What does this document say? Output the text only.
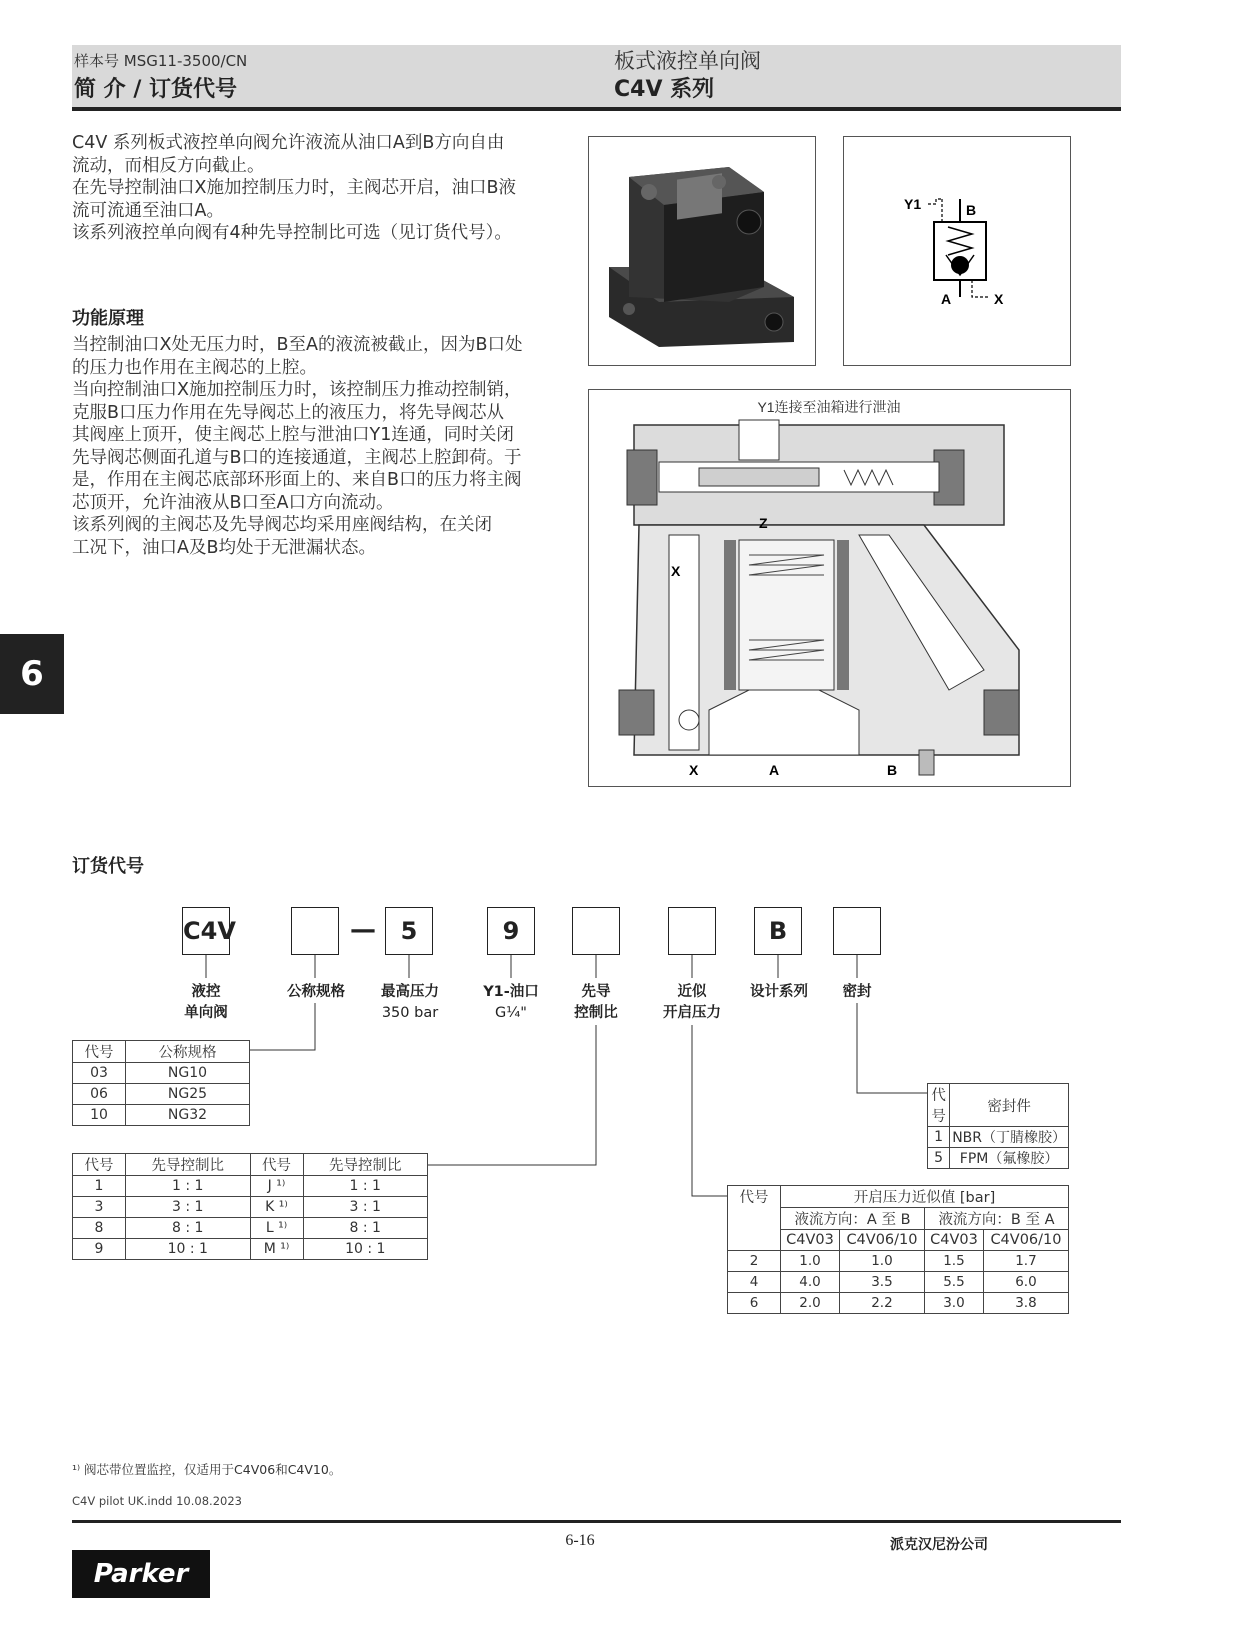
样本号 MSG11-3500/CN
简 介 / 订货代号
板式液控单向阀
C4V 系列

C4V 系列板式液控单向阀允许液流从油口A到B方向自由

流动，而相反方向截止。

在先导控制油口X施加控制压力时，主阀芯开启，油口B液

流可流通至油口A。

该系列液控单向阀有4种先导控制比可选（见订货代号）。

功能原理

当控制油口X处无压力时，B至A的液流被截止，因为B口处

的压力也作用在主阀芯的上腔。

当向控制油口X施加控制压力时，该控制压力推动控制销，

克服B口压力作用在先导阀芯上的液压力，将先导阀芯从

其阀座上顶开，使主阀芯上腔与泄油口Y1连通，同时关闭

先导阀芯侧面孔道与B口的连接通道，主阀芯上腔卸荷。于

是，作用在主阀芯底部环形面上的、来自B口的压力将主阀

芯顶开，允许油液从B口至A口方向流动。

该系列阀的主阀芯及先导阀芯均采用座阀结构，在关闭

工况下，油口A及B均处于无泄漏状态。

Y1	B
A	X
Y1连接至油箱进行泄油
Z
X
X	A	B
6
订货代号
C4V	—	5	9	B
液控
单向阀
公称规格	最高压力
350 bar
Y1-油口
G¼"
先导
控制比
近似
开启压力
设计系列	密封
代号	公称规格
03	NG10
06	NG25
10	NG32
代号	先导控制比	代号	先导控制比
1	1 : 1	J ¹⁾	1 : 1
3	3 : 1	K ¹⁾	3 : 1
8	8 : 1	L ¹⁾	8 : 1
9	10 : 1	M ¹⁾	10 : 1
代号	密封件
1	NBR（丁腈橡胶）
5	FPM（氟橡胶）
代号	开启压力近似值 [bar]			
	液流方向：A 至 B		液流方向：B 至 A	
	C4V03	C4V06/10	C4V03	C4V06/10
2	1.0	1.0	1.5	1.7
4	4.0	3.5	5.5	6.0
6	2.0	2.2	3.0	3.8
¹⁾ 阀芯带位置监控，仅适用于C4V06和C4V10。
C4V pilot UK.indd 10.08.2023
Parker
6-16	派克汉尼汾公司
